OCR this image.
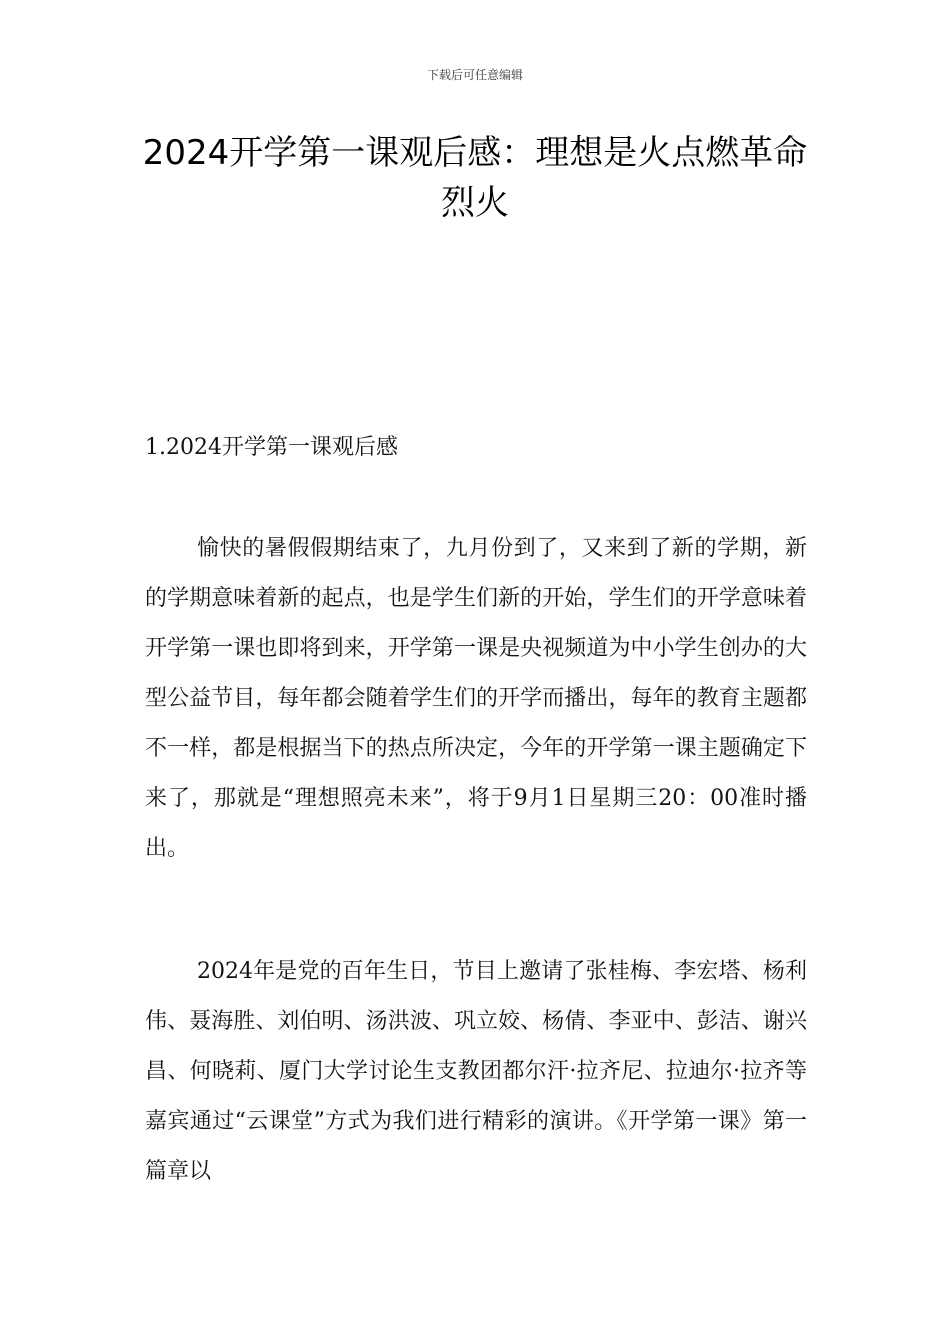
下载后可任意编辑
2024开学第一课观后感：理想是火点燃革命烈火
1.2024开学第一课观后感

愉快的暑假假期结束了，九月份到了，又来到了新的学期，新的学期意味着新的起点，也是学生们新的开始，学生们的开学意味着开学第一课也即将到来，开学第一课是央视频道为中小学生创办的大型公益节目，每年都会随着学生们的开学而播出，每年的教育主题都不一样，都是根据当下的热点所决定，今年的开学第一课主题确定下来了，那就是“理想照亮未来”，将于9月1日星期三20：00准时播出。

2024年是党的百年生日，节目上邀请了张桂梅、李宏塔、杨利伟、聂海胜、刘伯明、汤洪波、巩立姣、杨倩、李亚中、彭洁、谢兴昌、何晓莉、厦门大学讨论生支教团都尔汗·拉齐尼、拉迪尔·拉齐等嘉宾通过“云课堂”方式为我们进行精彩的演讲。《开学第一课》第一篇章以
